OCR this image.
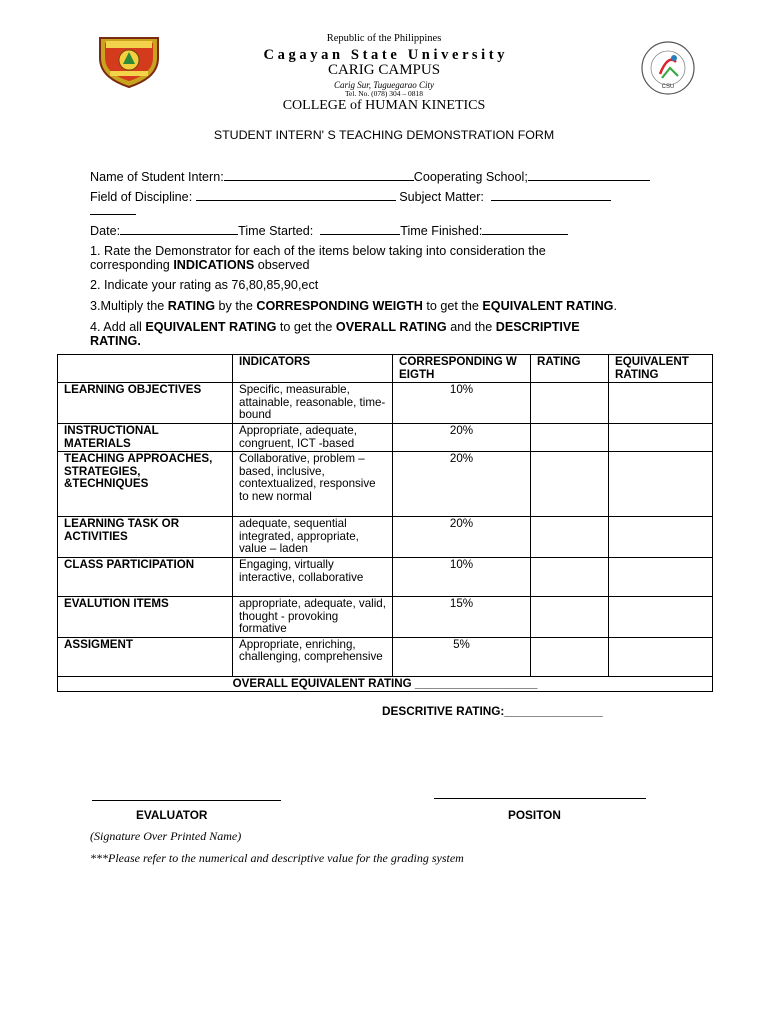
CSU
Republic of the Philippines
C a g a y a n   S t a t e   U n i v e r s i t y
CARIG CAMPUS
Carig Sur, Tuguegarao City
Tel. No. (078) 304 – 0818
COLLEGE of HUMAN KINETICS
STUDENT INTERN' S TEACHING DEMONSTRATION FORM
Name of Student Intern:	Cooperating School;
Field of Discipline:	Subject Matter:
Date:	Time Started:	Time Finished:
1. Rate the Demonstrator for each of the items below taking into consideration the
corresponding INDICATIONS observed
2. Indicate your rating as 76,80,85,90,ect
3.Multiply the RATING by the CORRESPONDING WEIGTH to get the EQUIVALENT RATING.
4. Add all EQUIVALENT RATING to get the OVERALL RATING and the DESCRIPTIVE
RATING.
	INDICATORS	CORRESPONDING WEIGTH	RATING	EQUIVALENT RATING
LEARNING OBJECTIVES	Specific, measurable, attainable, reasonable, time-bound	10%		
INSTRUCTIONAL MATERIALS	Appropriate, adequate, congruent, ICT -based	20%		
TEACHING APPROACHES, STRATEGIES, &TECHNIQUES	Collaborative, problem – based, inclusive, contextualized, responsive to new normal	20%		
LEARNING TASK OR ACTIVITIES	adequate, sequential integrated, appropriate, value – laden	20%		
CLASS PARTICIPATION	Engaging, virtually interactive, collaborative	10%		
EVALUTION ITEMS	appropriate, adequate, valid, thought - provoking formative	15%		
ASSIGMENT	Appropriate, enriching, challenging, comprehensive	5%		
OVERALL EQUIVALENT RATING ___________________				
DESCRITIVE RATING:_______________
EVALUATOR	POSITON
(Signature Over Printed Name)
***Please refer to the numerical and descriptive value for the grading system
